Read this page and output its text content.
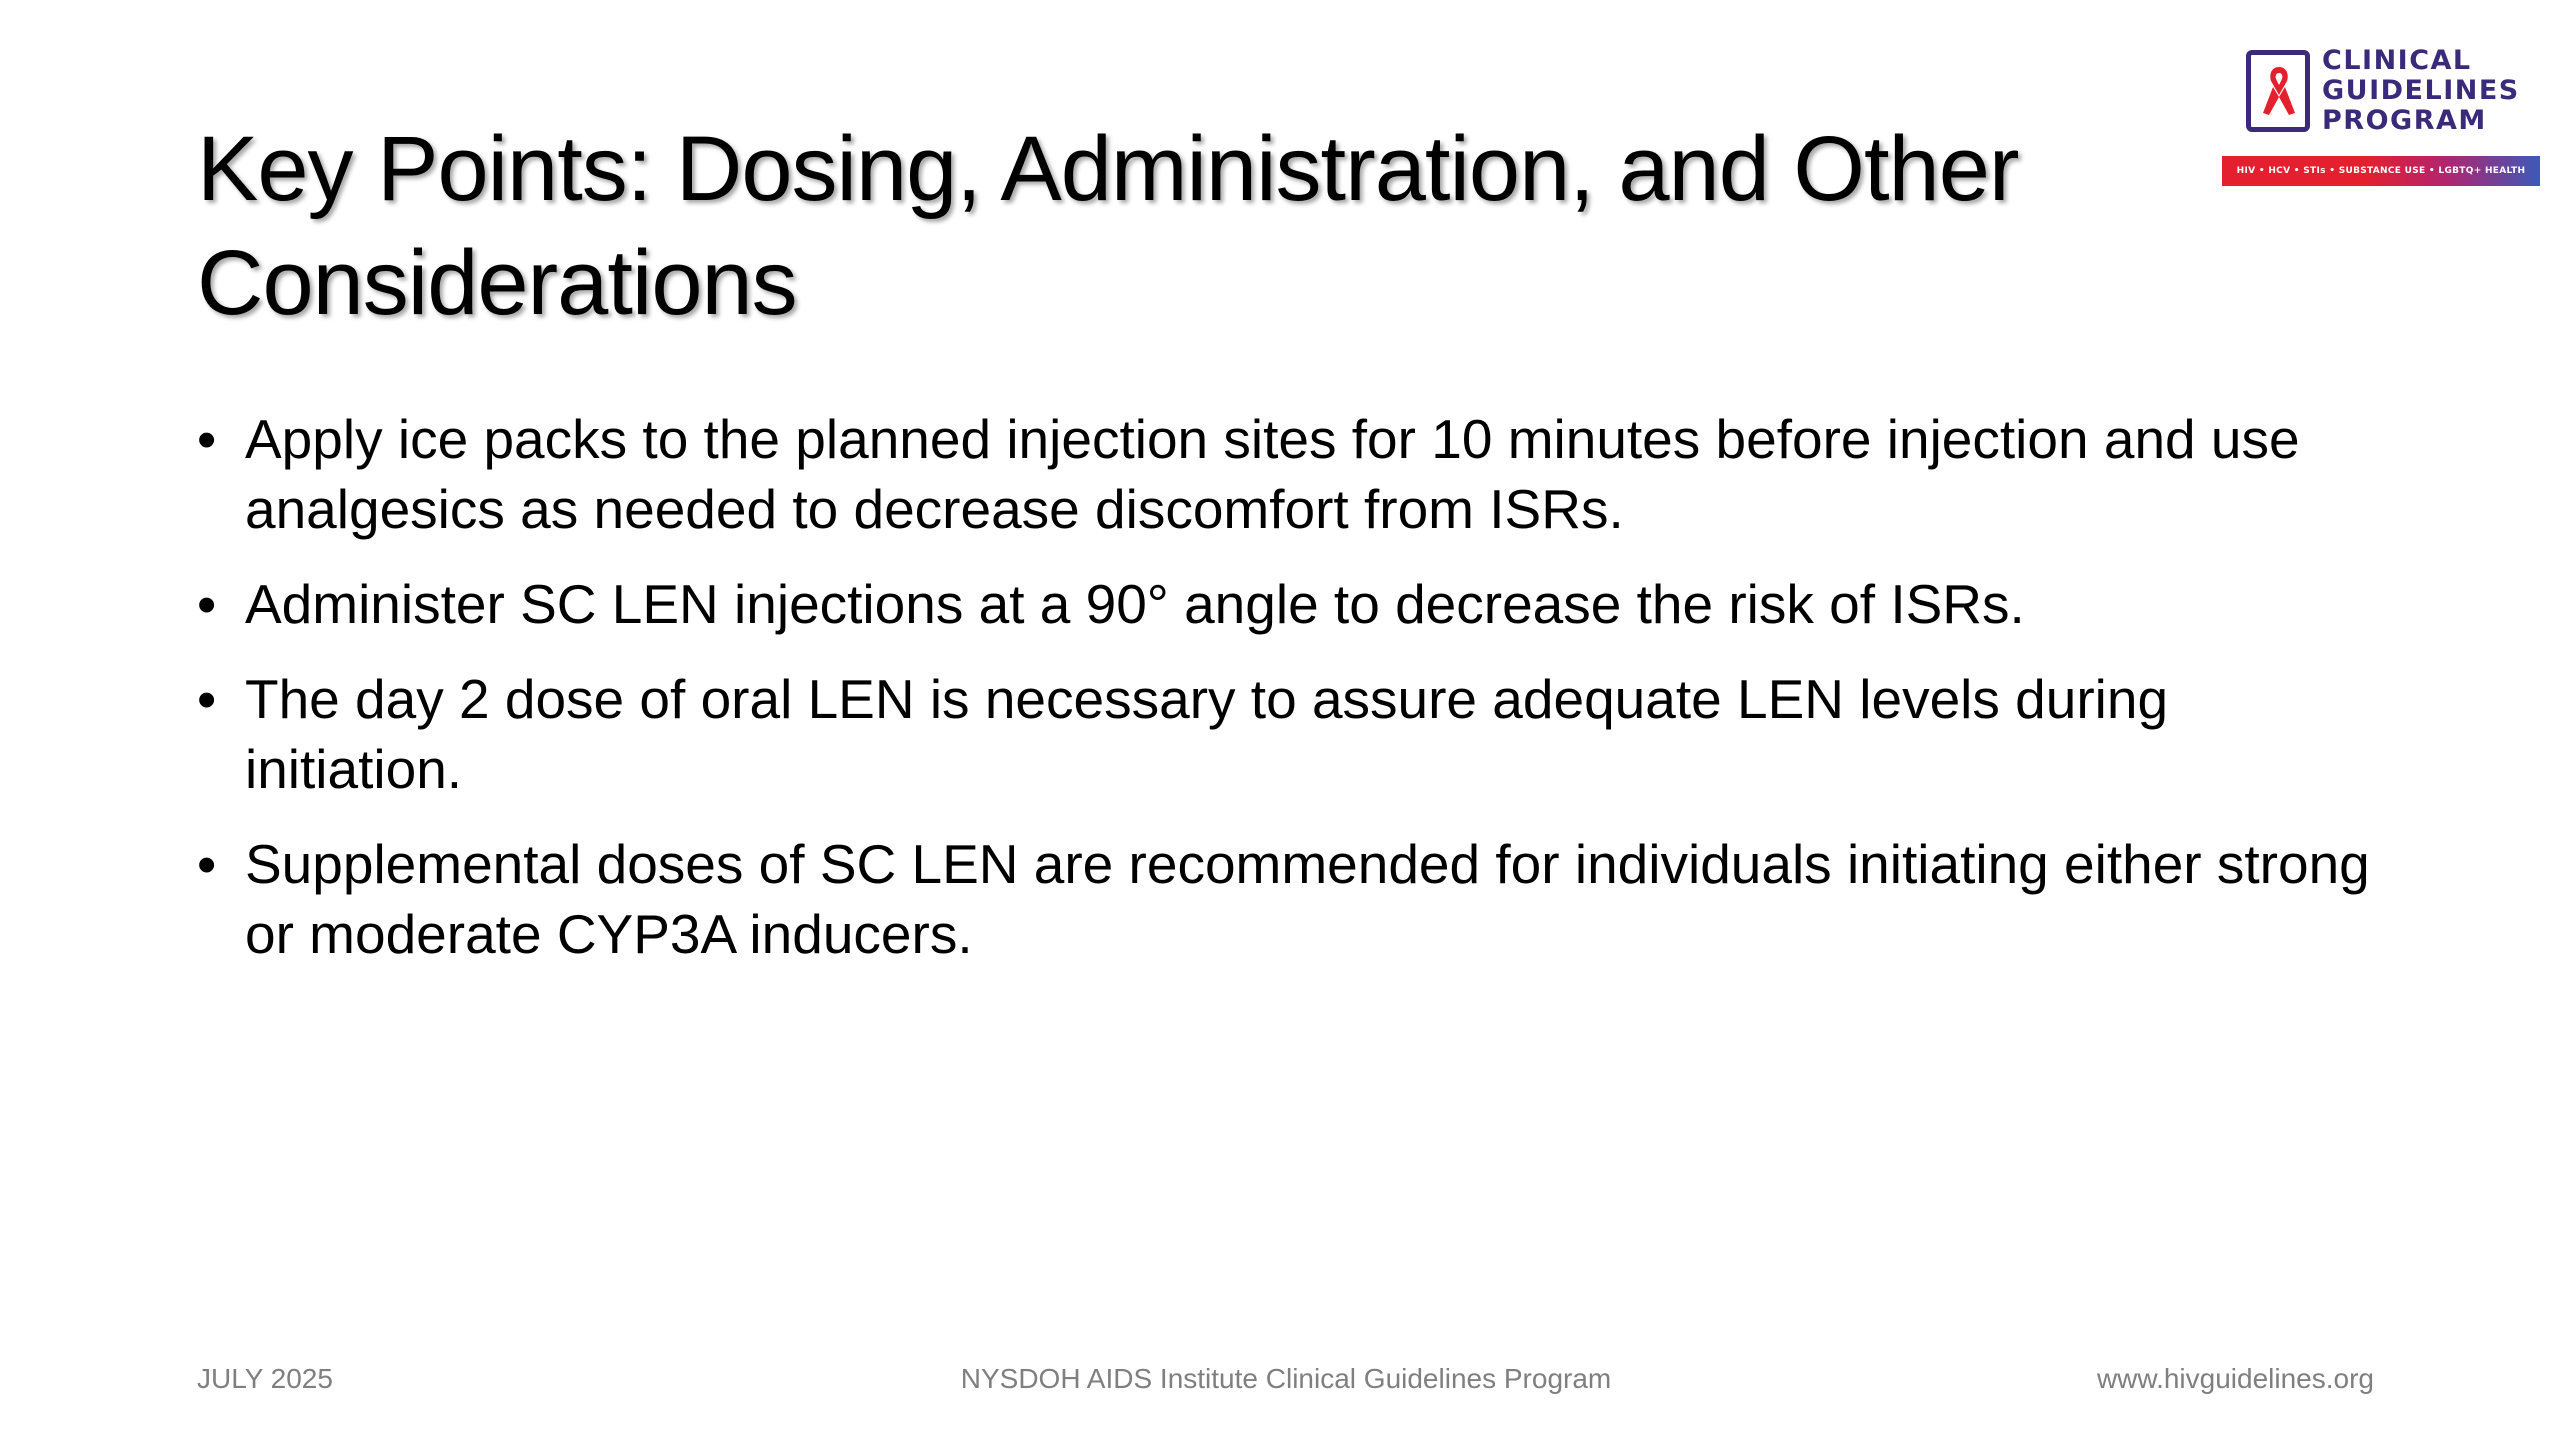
CLINICAL
GUIDELINES
PROGRAM
HIV • HCV • STIs • SUBSTANCE USE • LGBTQ+ HEALTH
Key Points: Dosing, Administration, and Other Considerations
• Apply ice packs to the planned injection sites for 10 minutes before injection and use analgesics as needed to decrease discomfort from ISRs.
• Administer SC LEN injections at a 90° angle to decrease the risk of ISRs.
• The day 2 dose of oral LEN is necessary to assure adequate LEN levels during initiation.
• Supplemental doses of SC LEN are recommended for individuals initiating either strong or moderate CYP3A inducers.
JULY 2025	NYSDOH AIDS Institute Clinical Guidelines Program	www.hivguidelines.org
